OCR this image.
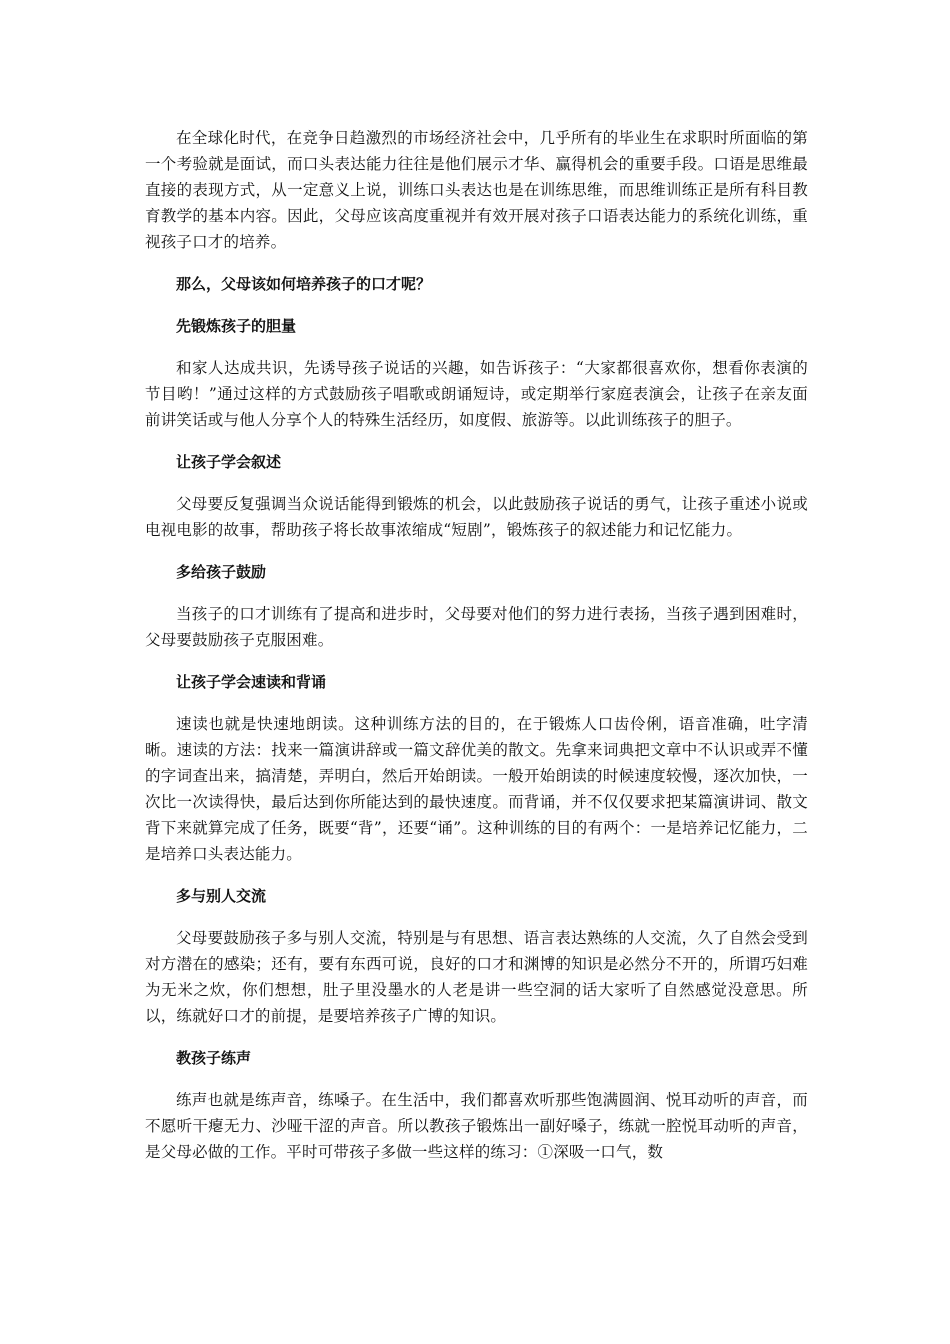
在全球化时代，在竞争日趋激烈的市场经济社会中，几乎所有的毕业生在求职时所面临的第一个考验就是面试，而口头表达能力往往是他们展示才华、赢得机会的重要手段。口语是思维最直接的表现方式，从一定意义上说，训练口头表达也是在训练思维，而思维训练正是所有科目教育教学的基本内容。因此，父母应该高度重视并有效开展对孩子口语表达能力的系统化训练，重视孩子口才的培养。

那么，父母该如何培养孩子的口才呢？

先锻炼孩子的胆量

和家人达成共识，先诱导孩子说话的兴趣，如告诉孩子：“大家都很喜欢你，想看你表演的节目哟！”通过这样的方式鼓励孩子唱歌或朗诵短诗，或定期举行家庭表演会，让孩子在亲友面前讲笑话或与他人分享个人的特殊生活经历，如度假、旅游等。以此训练孩子的胆子。

让孩子学会叙述

父母要反复强调当众说话能得到锻炼的机会，以此鼓励孩子说话的勇气，让孩子重述小说或电视电影的故事，帮助孩子将长故事浓缩成“短剧”，锻炼孩子的叙述能力和记忆能力。

多给孩子鼓励

当孩子的口才训练有了提高和进步时，父母要对他们的努力进行表扬，当孩子遇到困难时，父母要鼓励孩子克服困难。

让孩子学会速读和背诵

速读也就是快速地朗读。这种训练方法的目的，在于锻炼人口齿伶俐，语音准确，吐字清晰。速读的方法：找来一篇演讲辞或一篇文辞优美的散文。先拿来词典把文章中不认识或弄不懂的字词查出来，搞清楚，弄明白，然后开始朗读。一般开始朗读的时候速度较慢，逐次加快，一次比一次读得快，最后达到你所能达到的最快速度。而背诵，并不仅仅要求把某篇演讲词、散文背下来就算完成了任务，既要“背”，还要“诵”。这种训练的目的有两个：一是培养记忆能力，二是培养口头表达能力。

多与别人交流

父母要鼓励孩子多与别人交流，特别是与有思想、语言表达熟练的人交流，久了自然会受到对方潜在的感染；还有，要有东西可说，良好的口才和渊博的知识是必然分不开的，所谓巧妇难为无米之炊，你们想想，肚子里没墨水的人老是讲一些空洞的话大家听了自然感觉没意思。所以，练就好口才的前提，是要培养孩子广博的知识。

教孩子练声

练声也就是练声音，练嗓子。在生活中，我们都喜欢听那些饱满圆润、悦耳动听的声音，而不愿听干瘪无力、沙哑干涩的声音。所以教孩子锻炼出一副好嗓子，练就一腔悦耳动听的声音，是父母必做的工作。平时可带孩子多做一些这样的练习：①深吸一口气，数
